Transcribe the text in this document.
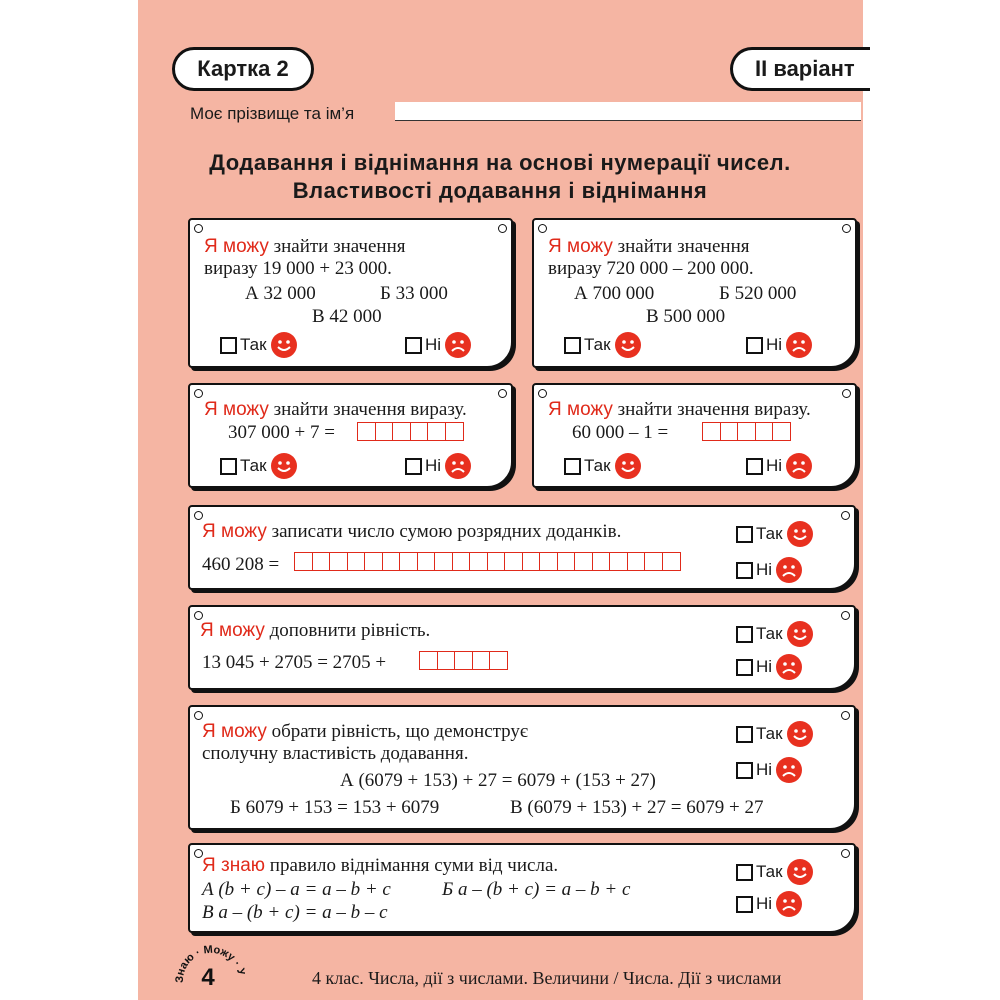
Картка 2	ІІ варіант
Моє прізвище та ім’я
Додавання і віднімання на основі нумерації чисел.
Властивості додавання і віднімання
Я можу знайти значення
виразу 19 000 + 23 000.
А 32 000	Б 33 000
В 42 000
Так	Ні
Я можу знайти значення
виразу 720 000 – 200 000.
А 700 000	Б 520 000
В 500 000
Так	Ні
Я можу знайти значення виразу.
307 000 + 7 =
Так	Ні
Я можу знайти значення виразу.
60 000 – 1 =
Так	Ні
Я можу записати число сумою розрядних доданків.
460 208 =
Так
Ні
Я можу доповнити рівність.
13 045 + 2705 = 2705 +
Так
Ні
Я можу обрати рівність, що демонструє
сполучну властивість додавання.
А (6079 + 153) + 27 = 6079 + (153 + 27)
Б 6079 + 153 = 153 + 6079	В (6079 + 153) + 27 = 6079 + 27
Так
Ні
Я знаю правило віднімання суми від числа.
А (b + c) – a = a – b + c	Б a – (b + c) = a – b + c
В a – (b + c) = a – b – c
Так
Ні
Знаю · Можу ·
4	4 клас. Числа, дії з числами. Величини / Числа. Дії з числами
